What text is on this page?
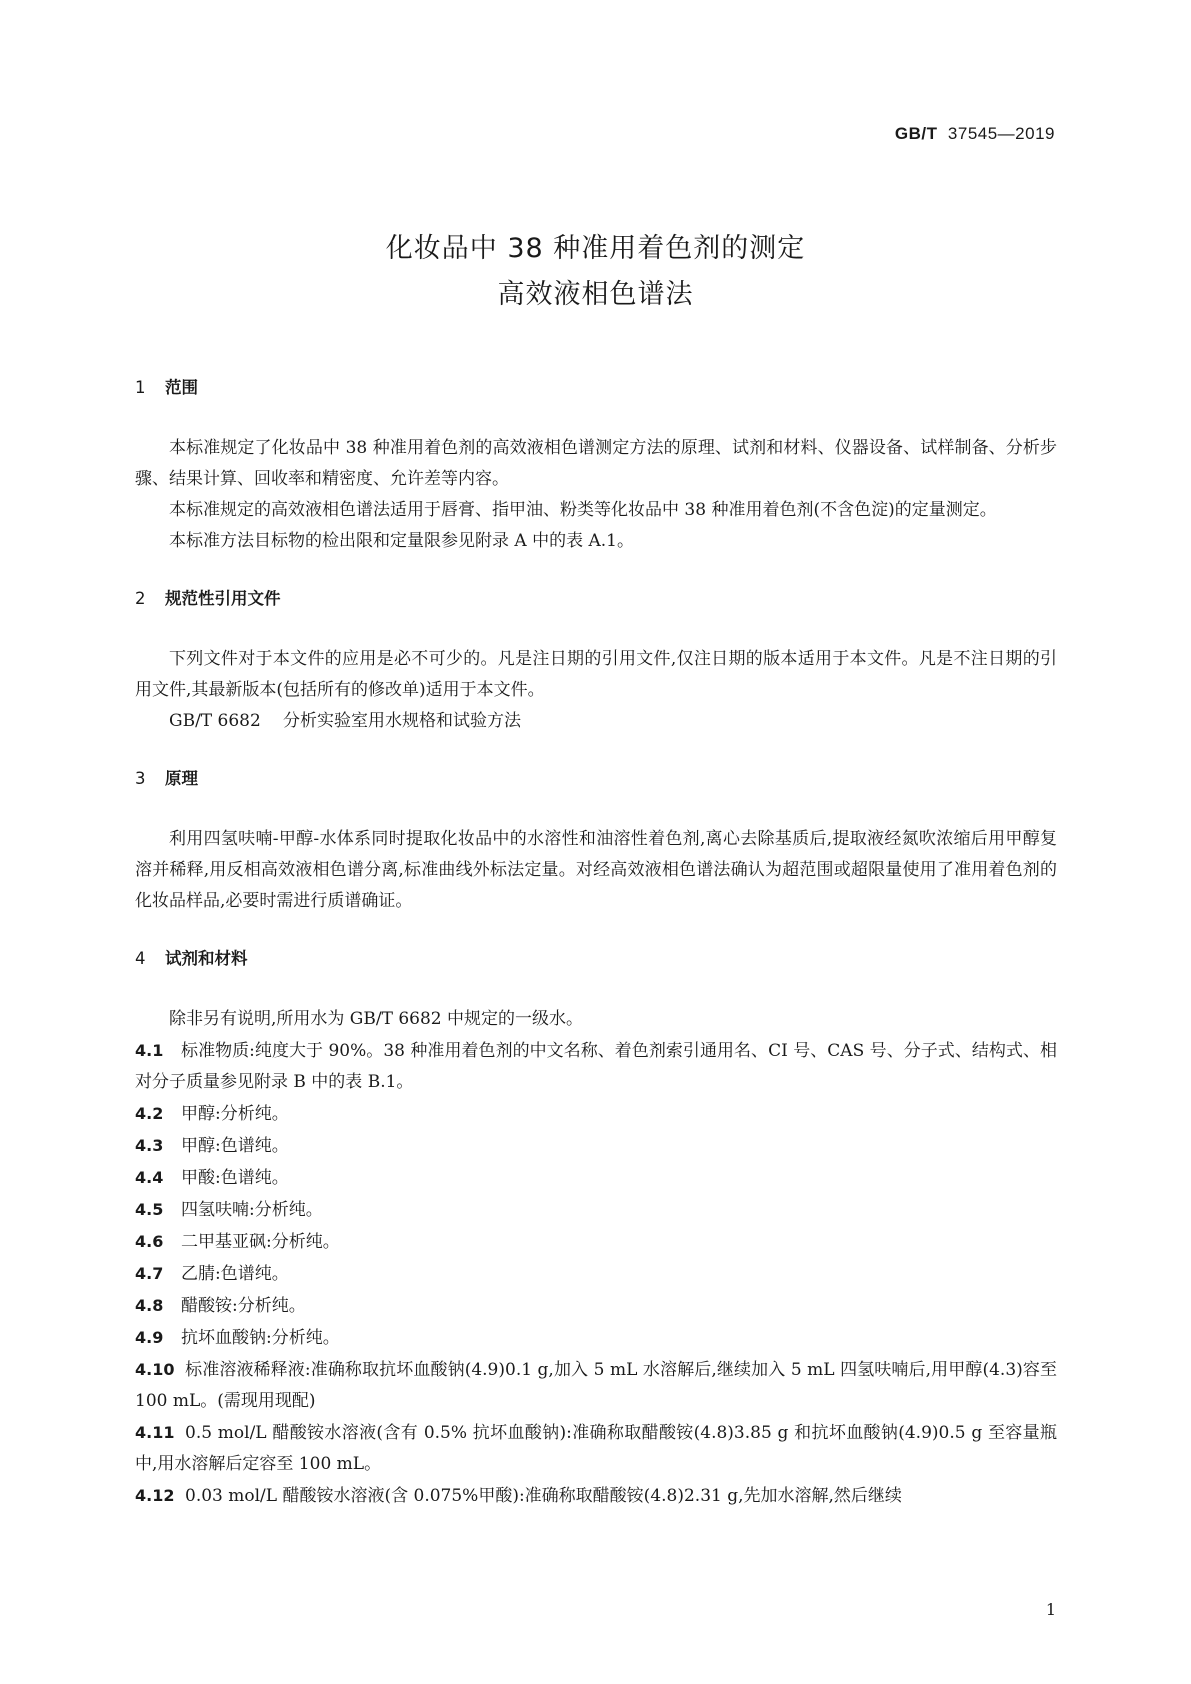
GB/T 37545—2019
化妆品中 38 种准用着色剂的测定
高效液相色谱法
1 范围

本标准规定了化妆品中 38 种准用着色剂的高效液相色谱测定方法的原理、试剂和材料、仪器设备、试样制备、分析步骤、结果计算、回收率和精密度、允许差等内容。

本标准规定的高效液相色谱法适用于唇膏、指甲油、粉类等化妆品中 38 种准用着色剂(不含色淀)的定量测定。

本标准方法目标物的检出限和定量限参见附录 A 中的表 A.1。

2 规范性引用文件

下列文件对于本文件的应用是必不可少的。凡是注日期的引用文件,仅注日期的版本适用于本文件。凡是不注日期的引用文件,其最新版本(包括所有的修改单)适用于本文件。

GB/T 6682 分析实验室用水规格和试验方法

3 原理

利用四氢呋喃-甲醇-水体系同时提取化妆品中的水溶性和油溶性着色剂,离心去除基质后,提取液经氮吹浓缩后用甲醇复溶并稀释,用反相高效液相色谱分离,标准曲线外标法定量。对经高效液相色谱法确认为超范围或超限量使用了准用着色剂的化妆品样品,必要时需进行质谱确证。

4 试剂和材料

除非另有说明,所用水为 GB/T 6682 中规定的一级水。

4.1 标准物质:纯度大于 90%。38 种准用着色剂的中文名称、着色剂索引通用名、CI 号、CAS 号、分子式、结构式、相对分子质量参见附录 B 中的表 B.1。

4.2 甲醇:分析纯。

4.3 甲醇:色谱纯。

4.4 甲酸:色谱纯。

4.5 四氢呋喃:分析纯。

4.6 二甲基亚砜:分析纯。

4.7 乙腈:色谱纯。

4.8 醋酸铵:分析纯。

4.9 抗坏血酸钠:分析纯。

4.10 标准溶液稀释液:准确称取抗坏血酸钠(4.9)0.1 g,加入 5 mL 水溶解后,继续加入 5 mL 四氢呋喃后,用甲醇(4.3)容至 100 mL。(需现用现配)

4.11 0.5 mol/L 醋酸铵水溶液(含有 0.5% 抗坏血酸钠):准确称取醋酸铵(4.8)3.85 g 和抗坏血酸钠(4.9)0.5 g 至容量瓶中,用水溶解后定容至 100 mL。

4.12 0.03 mol/L 醋酸铵水溶液(含 0.075%甲酸):准确称取醋酸铵(4.8)2.31 g,先加水溶解,然后继续

1
